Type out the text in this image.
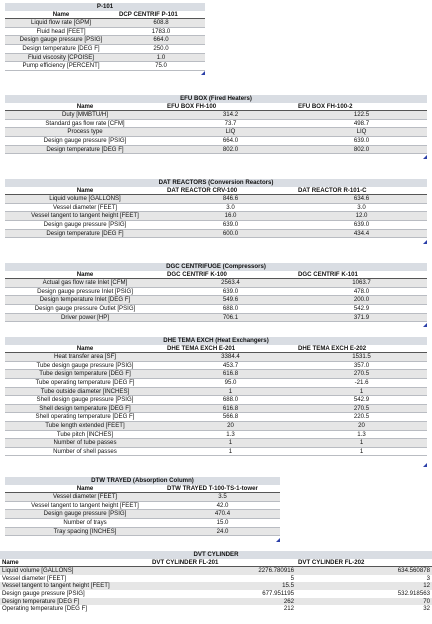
P-101	
Name	DCP CENTRIF P-101
Liquid flow rate [GPM]	608.8
Fluid head [FEET]	1783.0
Design gauge pressure [PSIG]	664.0
Design temperature [DEG F]	250.0
Fluid viscosity [CPOISE]	1.0
Pump efficiency [PERCENT]	75.0
EFU BOX (Fired Heaters)		
Name	EFU BOX FH-100	EFU BOX FH-100-2
Duty [MMBTU/H]	314.2	122.5
Standard gas flow rate [CFM]	73.7	498.7
Process type	LIQ	LIQ
Design gauge pressure [PSIG]	664.0	639.0
Design temperature [DEG F]	802.0	802.0
DAT REACTORS (Conversion Reactors)		
Name	DAT REACTOR CRV-100	DAT REACTOR R-101-C
Liquid volume [GALLONS]	846.6	634.6
Vessel diameter [FEET]	3.0	3.0
Vessel tangent to tangent height [FEET]	16.0	12.0
Design gauge pressure [PSIG]	639.0	639.0
Design temperature [DEG F]	600.0	434.4
DGC CENTRIFUGE (Compressors)		
Name	DGC CENTRIF K-100	DGC CENTRIF K-101
Actual gas flow rate Inlet [CFM]	2563.4	1063.7
Design gauge pressure Inlet [PSIG]	639.0	478.0
Design temperature Inlet [DEG F]	549.6	200.0
Design gauge pressure Outlet [PSIG]	688.0	542.9
Driver power [HP]	706.1	371.9
DHE TEMA EXCH (Heat Exchangers)		
Name	DHE TEMA EXCH E-201	DHE TEMA EXCH E-202
Heat transfer area [SF]	3384.4	1531.5
Tube design gauge pressure [PSIG]	453.7	357.0
Tube design temperature [DEG F]	616.8	270.5
Tube operating temperature [DEG F]	95.0	-21.6
Tube outside diameter [INCHES]	1	1
Shell design gauge pressure [PSIG]	688.0	542.9
Shell design temperature [DEG F]	616.8	270.5
Shell operating temperature [DEG F]	566.8	220.5
Tube length extended [FEET]	20	20
Tube pitch [INCHES]	1.3	1.3
Number of tube passes	1	1
Number of shell passes	1	1
DTW TRAYED (Absorption Column)	
Name	DTW TRAYED T-100-TS-1-tower
Vessel diameter [FEET]	3.5
Vessel tangent to tangent height [FEET]	42.0
Design gauge pressure [PSIG]	470.4
Number of trays	15.0
Tray spacing [INCHES]	24.0
DVT CYLINDER		
Name	DVT CYLINDER FL-201	DVT CYLINDER FL-202
Liquid volume [GALLONS]	2276.780916	634.560878
Vessel diameter [FEET]	5	3
Vessel tangent to tangent height [FEET]	15.5	12
Design gauge pressure [PSIG]	677.951195	532.918563
Design temperature [DEG F]	262	70
Operating temperature [DEG F]	212	32
